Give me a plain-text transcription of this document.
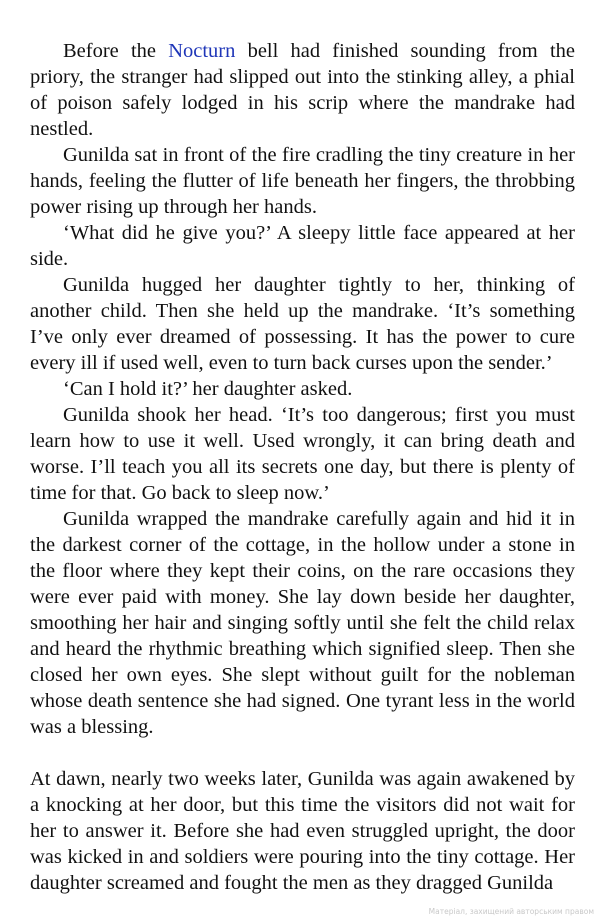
Before the Nocturn bell had finished sounding from the priory, the stranger had slipped out into the stinking alley, a phial of poison safely lodged in his scrip where the mandrake had nestled.

Gunilda sat in front of the fire cradling the tiny creature in her hands, feeling the flutter of life beneath her fingers, the throbbing power rising up through her hands.

‘What did he give you?’ A sleepy little face appeared at her side.

Gunilda hugged her daughter tightly to her, thinking of another child. Then she held up the mandrake. ‘It’s something I’ve only ever dreamed of possessing. It has the power to cure every ill if used well, even to turn back curses upon the sender.’

‘Can I hold it?’ her daughter asked.

Gunilda shook her head. ‘It’s too dangerous; first you must learn how to use it well. Used wrongly, it can bring death and worse. I’ll teach you all its secrets one day, but there is plenty of time for that. Go back to sleep now.’

Gunilda wrapped the mandrake carefully again and hid it in the darkest corner of the cottage, in the hollow under a stone in the floor where they kept their coins, on the rare occasions they were ever paid with money. She lay down beside her daughter, smoothing her hair and singing softly until she felt the child relax and heard the rhythmic breathing which signified sleep. Then she closed her own eyes. She slept without guilt for the nobleman whose death sentence she had signed. One tyrant less in the world was a blessing.

At dawn, nearly two weeks later, Gunilda was again awakened by a knocking at her door, but this time the visitors did not wait for her to answer it. Before she had even struggled upright, the door was kicked in and soldiers were pouring into the tiny cottage. Her daughter screamed and fought the men as they dragged Gunilda

Матеріал, захищений авторським правом
